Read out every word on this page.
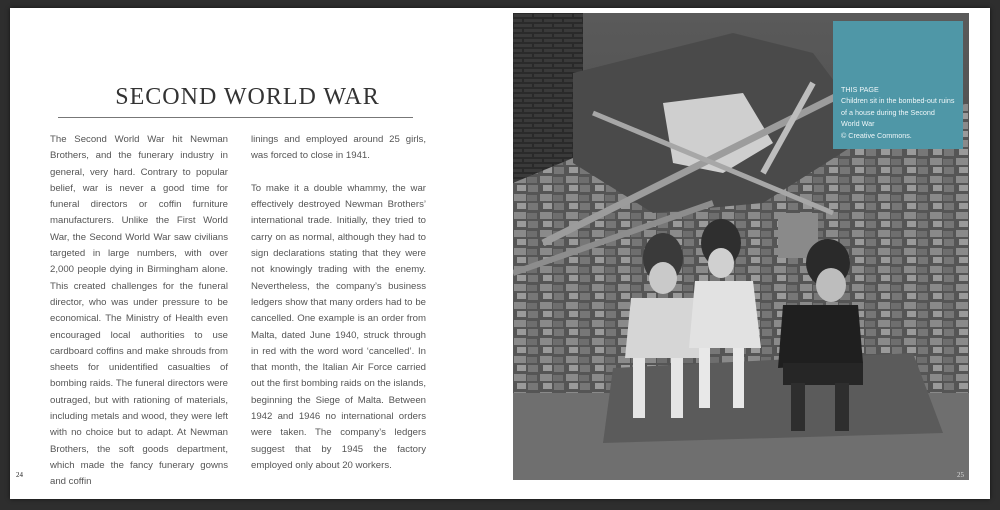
SECOND WORLD WAR

The Second World War hit Newman Brothers, and the funerary industry in general, very hard. Contrary to popular belief, war is never a good time for funeral directors or coffin furniture manufacturers. Unlike the First World War, the Second World War saw civilians targeted in large numbers, with over 2,000 people dying in Birmingham alone. This created challenges for the funeral director, who was under pressure to be economical. The Ministry of Health even encouraged local authorities to use cardboard coffins and make shrouds from sheets for unidentified casualties of bombing raids. The funeral directors were outraged, but with rationing of materials, including metals and wood, they were left with no choice but to adapt. At Newman Brothers, the soft goods department, which made the fancy funerary gowns and coffin

linings and employed around 25 girls, was forced to close in 1941.

To make it a double whammy, the war effectively destroyed Newman Brothers’ international trade. Initially, they tried to carry on as normal, although they had to sign declarations stating that they were not knowingly trading with the enemy. Nevertheless, the company’s business ledgers show that many orders had to be cancelled. One example is an order from Malta, dated June 1940, struck through in red with the word word ‘cancelled’. In that month, the Italian Air Force carried out the first bombing raids on the islands, beginning the Siege of Malta. Between 1942 and 1946 no international orders were taken. The company’s ledgers suggest that by 1945 the factory employed only about 20 workers.

24
THIS PAGE
Children sit in the bombed-out ruins of a house during the Second World War
© Creative Commons.
25
